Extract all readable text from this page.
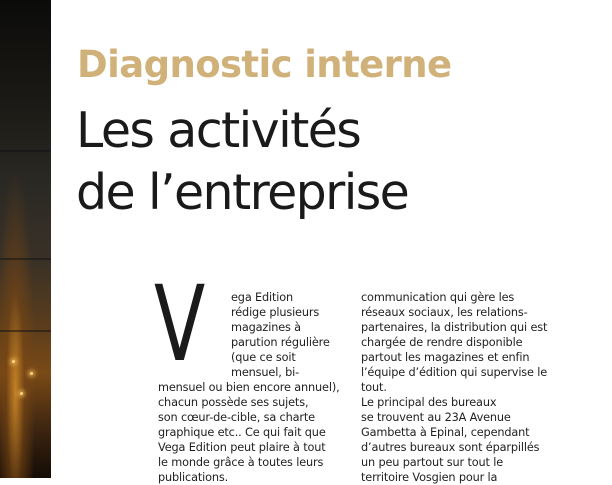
Diagnostic interne
Les activités
de l’entreprise
V ega Edition
rédige plusieurs
magazines à
parution régulière
(que ce soit
mensuel, bi-
mensuel ou bien encore annuel),
chacun possède ses sujets,
son cœur-de-cible, sa charte
graphique etc.. Ce qui fait que
Vega Edition peut plaire à tout
le monde grâce à toutes leurs
publications.
communication qui gère les
réseaux sociaux, les relations-
partenaires, la distribution qui est
chargée de rendre disponible
partout les magazines et enfin
l’équipe d’édition qui supervise le
tout.
Le principal des bureaux
se trouvent au 23A Avenue
Gambetta à Epinal, cependant
d’autres bureaux sont éparpillés
un peu partout sur tout le
territoire Vosgien pour la
